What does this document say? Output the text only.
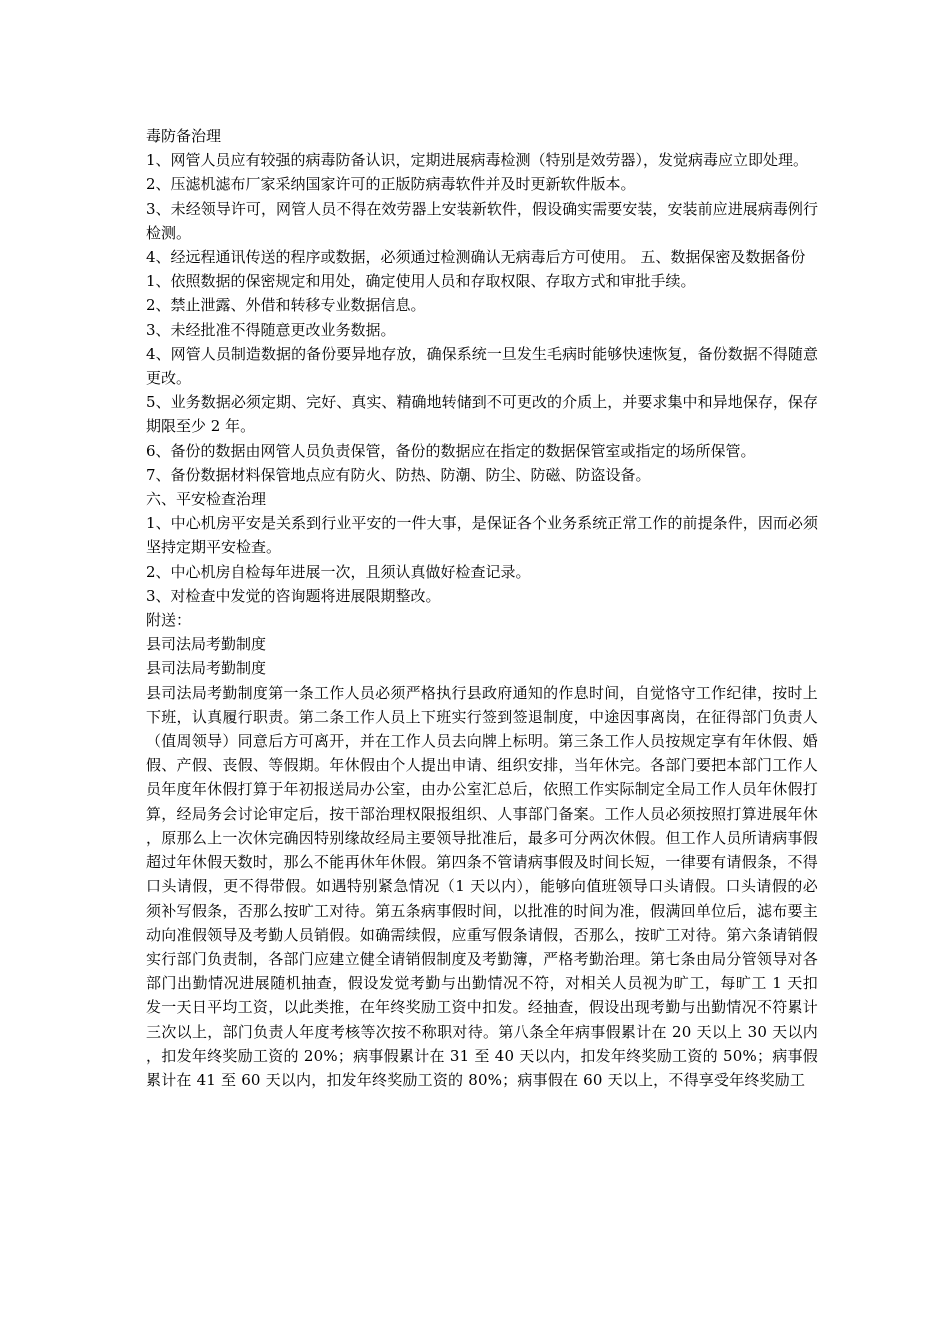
毒防备治理

1、网管人员应有较强的病毒防备认识，定期进展病毒检测（特别是效劳器），发觉病毒应立即处理。

2、压滤机滤布厂家采纳国家许可的正版防病毒软件并及时更新软件版本。

3、未经领导许可，网管人员不得在效劳器上安装新软件，假设确实需要安装，安装前应进展病毒例行检测。

4、经远程通讯传送的程序或数据，必须通过检测确认无病毒后方可使用。 五、数据保密及数据备份

1、依照数据的保密规定和用处，确定使用人员和存取权限、存取方式和审批手续。

2、禁止泄露、外借和转移专业数据信息。

3、未经批准不得随意更改业务数据。

4、网管人员制造数据的备份要异地存放，确保系统一旦发生毛病时能够快速恢复，备份数据不得随意更改。

5、业务数据必须定期、完好、真实、精确地转储到不可更改的介质上，并要求集中和异地保存，保存期限至少 2 年。

6、备份的数据由网管人员负责保管，备份的数据应在指定的数据保管室或指定的场所保管。

7、备份数据材料保管地点应有防火、防热、防潮、防尘、防磁、防盗设备。

六、平安检查治理

1、中心机房平安是关系到行业平安的一件大事，是保证各个业务系统正常工作的前提条件，因而必须坚持定期平安检查。

2、中心机房自检每年进展一次，且须认真做好检查记录。

3、对检查中发觉的咨询题将进展限期整改。

附送：

县司法局考勤制度

县司法局考勤制度

县司法局考勤制度第一条工作人员必须严格执行县政府通知的作息时间，自觉恪守工作纪律，按时上下班，认真履行职责。第二条工作人员上下班实行签到签退制度，中途因事离岗，在征得部门负责人（值周领导）同意后方可离开，并在工作人员去向牌上标明。第三条工作人员按规定享有年休假、婚假、产假、丧假、等假期。年休假由个人提出申请、组织安排，当年休完。各部门要把本部门工作人员年度年休假打算于年初报送局办公室，由办公室汇总后，依照工作实际制定全局工作人员年休假打算，经局务会讨论审定后，按干部治理权限报组织、人事部门备案。工作人员必须按照打算进展年休，原那么上一次休完确因特别缘故经局主要领导批准后，最多可分两次休假。但工作人员所请病事假超过年休假天数时，那么不能再休年休假。第四条不管请病事假及时间长短，一律要有请假条，不得口头请假，更不得带假。如遇特别紧急情况（1 天以内），能够向值班领导口头请假。口头请假的必须补写假条，否那么按旷工对待。第五条病事假时间，以批准的时间为准，假满回单位后，滤布要主动向准假领导及考勤人员销假。如确需续假，应重写假条请假，否那么，按旷工对待。第六条请销假实行部门负责制，各部门应建立健全请销假制度及考勤簿，严格考勤治理。第七条由局分管领导对各部门出勤情况进展随机抽查，假设发觉考勤与出勤情况不符，对相关人员视为旷工，每旷工 1 天扣发一天日平均工资，以此类推，在年终奖励工资中扣发。经抽查，假设出现考勤与出勤情况不符累计三次以上，部门负责人年度考核等次按不称职对待。第八条全年病事假累计在 20 天以上 30 天以内，扣发年终奖励工资的 20%；病事假累计在 31 至 40 天以内，扣发年终奖励工资的 50%；病事假累计在 41 至 60 天以内，扣发年终奖励工资的 80%；病事假在 60 天以上，不得享受年终奖励工
